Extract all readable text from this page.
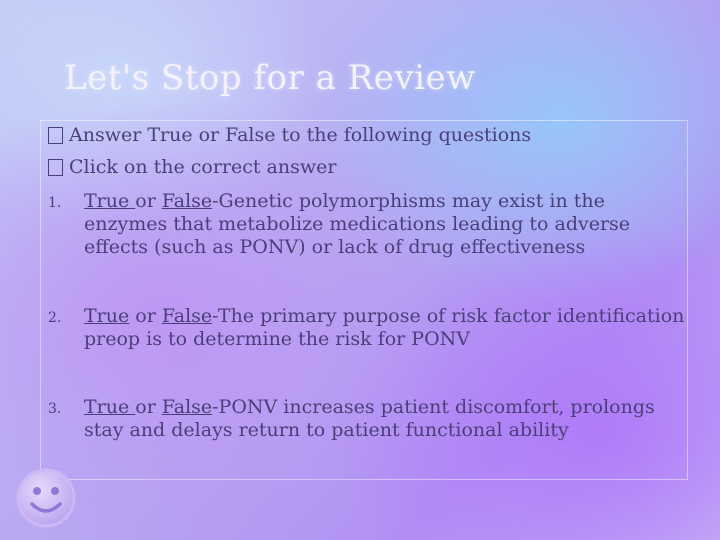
Let's Stop for a Review
Answer True or False to the following questions
Click on the correct answer
1. True or False-Genetic polymorphisms may exist in the enzymes that metabolize medications leading to adverse effects (such as PONV) or lack of drug effectiveness
2. True or False-The primary purpose of risk factor identification preop is to determine the risk for PONV
3. True or False-PONV increases patient discomfort, prolongs stay and delays return to patient functional ability
